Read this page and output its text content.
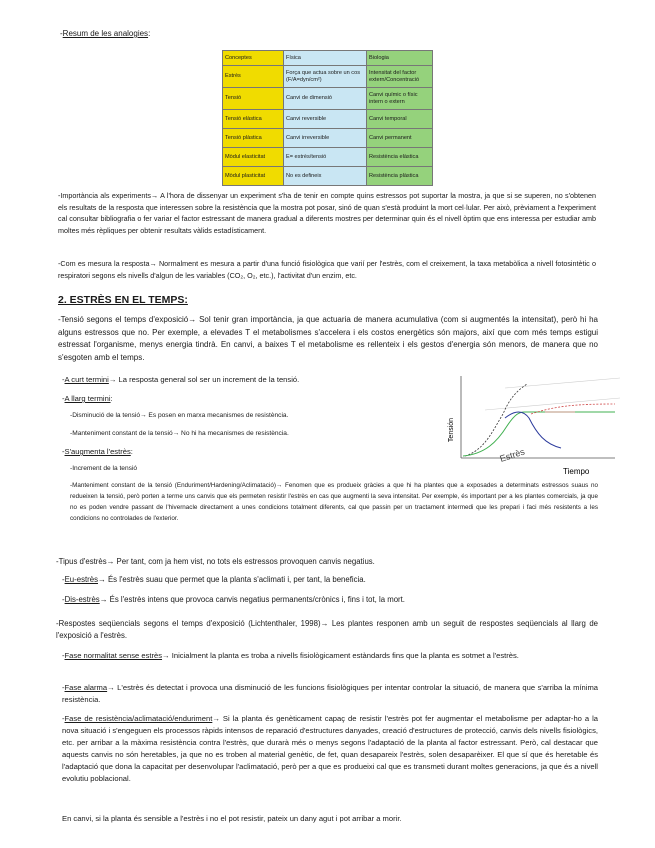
-Resum de les analogies:

Conceptes	Física	Biologia
Estrès	Força que actua sobre un cos (F/A=dyn/cm²)	Intensitat del factor extern/Concentració
Tensió	Canvi de dimensió	Canvi químic o físic intern o extern
Tensió elàstica	Canvi reversible	Canvi temporal
Tensió plàstica	Canvi irreversible	Canvi permanent
Mòdul elasticitat	E= estrès/tensió	Resistència elàstica
Mòdul plasticitat	No es defineix	Resistència plàstica

-Importància als experiments→ A l'hora de dissenyar un experiment s'ha de tenir en compte quins estressos pot suportar la mostra, ja que si se superen, no s'obtenen els resultats de la resposta que interessen sobre la resistència que la mostra pot posar, sinó de quan s'està produint la mort cel·lular. Per això, prèviament a l'experiment cal consultar bibliografia o fer variar el factor estressant de manera gradual a diferents mostres per determinar quin és el nivell òptim que ens interessa per estudiar amb moltes més rèpliques per obtenir resultats vàlids estadísticament.

-Com es mesura la resposta→ Normalment es mesura a partir d'una funció fisiològica que varií per l'estrès, com el creixement, la taxa metabòlica a nivell fotosintètic o respiratori segons els nivells d'algun de les variables (CO₂, O₂, etc.), l'activitat d'un enzim, etc.

2. ESTRÈS EN EL TEMPS:

-Tensió segons el temps d'exposició→ Sol tenir gran importància, ja que actuaria de manera acumulativa (com si augmentés la intensitat), però hi ha alguns estressos que no. Per exemple, a elevades T el metabolismes s'accelera i els costos energètics són majors, així que com més temps estigui estressat l'organisme, menys energia tindrà. En canvi, a baixes T el metabolisme es rellenteix i els gestos d'energia són menors, de manera que no s'esgoten amb el temps.

-A curt termini→ La resposta general sol ser un increment de la tensió.

-A llarg termini:

-Disminució de la tensió→ Es posen en marxa mecanismes de resistència.

-Manteniment constant de la tensió→ No hi ha mecanismes de resistència.

-S'augmenta l'estrès:

-Increment de la tensió

-Manteniment constant de la tensió (Enduriment/Hardening/Aclimatació)→ Fenomen que es produeix gràcies a que hi ha plantes que a exposades a determinats estressos suaus no redueixen la tensió, però porten a terme uns canvis que els permeten resistir l'estrès en cas que augmenti la seva intensitat. Per exemple, és important per a les plantes comercials, ja que no es poden vendre passant de l'hivernacle directament a unes condicions totalment diferents, cal que passin per un tractament intermedi que les prepari i faci més resistents a les condicions no controlades de l'exterior.

Tensión
Estrès
Tiempo

-Tipus d'estrès→ Per tant, com ja hem vist, no tots els estressos provoquen canvis negatius.

-Eu-estrès→ És l'estrès suau que permet que la planta s'aclimati i, per tant, la beneficia.

-Dis-estrès→ És l'estrès intens que provoca canvis negatius permanents/crònics i, fins i tot, la mort.

-Respostes seqüencials segons el temps d'exposició (Lichtenthaler, 1998)→ Les plantes responen amb un seguit de respostes seqüencials al llarg de l'exposició a l'estrès.

-Fase normalitat sense estrès→ Inicialment la planta es troba a nivells fisiològicament estàndards fins que la planta es sotmet a l'estrès.

-Fase alarma→ L'estrès és detectat i provoca una disminució de les funcions fisiològiques per intentar controlar la situació, de manera que s'arriba la mínima resistència.

-Fase de resistència/aclimatació/enduriment→ Si la planta és genèticament capaç de resistir l'estrès pot fer augmentar el metabolisme per adaptar-ho a la nova situació i s'engeguen els processos ràpids intensos de reparació d'estructures danyades, creació d'estructures de protecció, canvis dels nivells fisiològics, etc. per arribar a la màxima resistència contra l'estrès, que durarà més o menys segons l'adaptació de la planta al factor estressant. Però, cal destacar que aquests canvis no són heretables, ja que no es troben al material genètic, de fet, quan desapareix l'estrès, solen desaparèixer. El que sí que és heretable és l'adaptació que dona la capacitat per desenvolupar l'aclimatació, però per a que es produeixi cal que es transmeti durant moltes generacions, ja que és a nivell evolutiu poblacional.

En canvi, si la planta és sensible a l'estrès i no el pot resistir, pateix un dany agut i pot arribar a morir.
